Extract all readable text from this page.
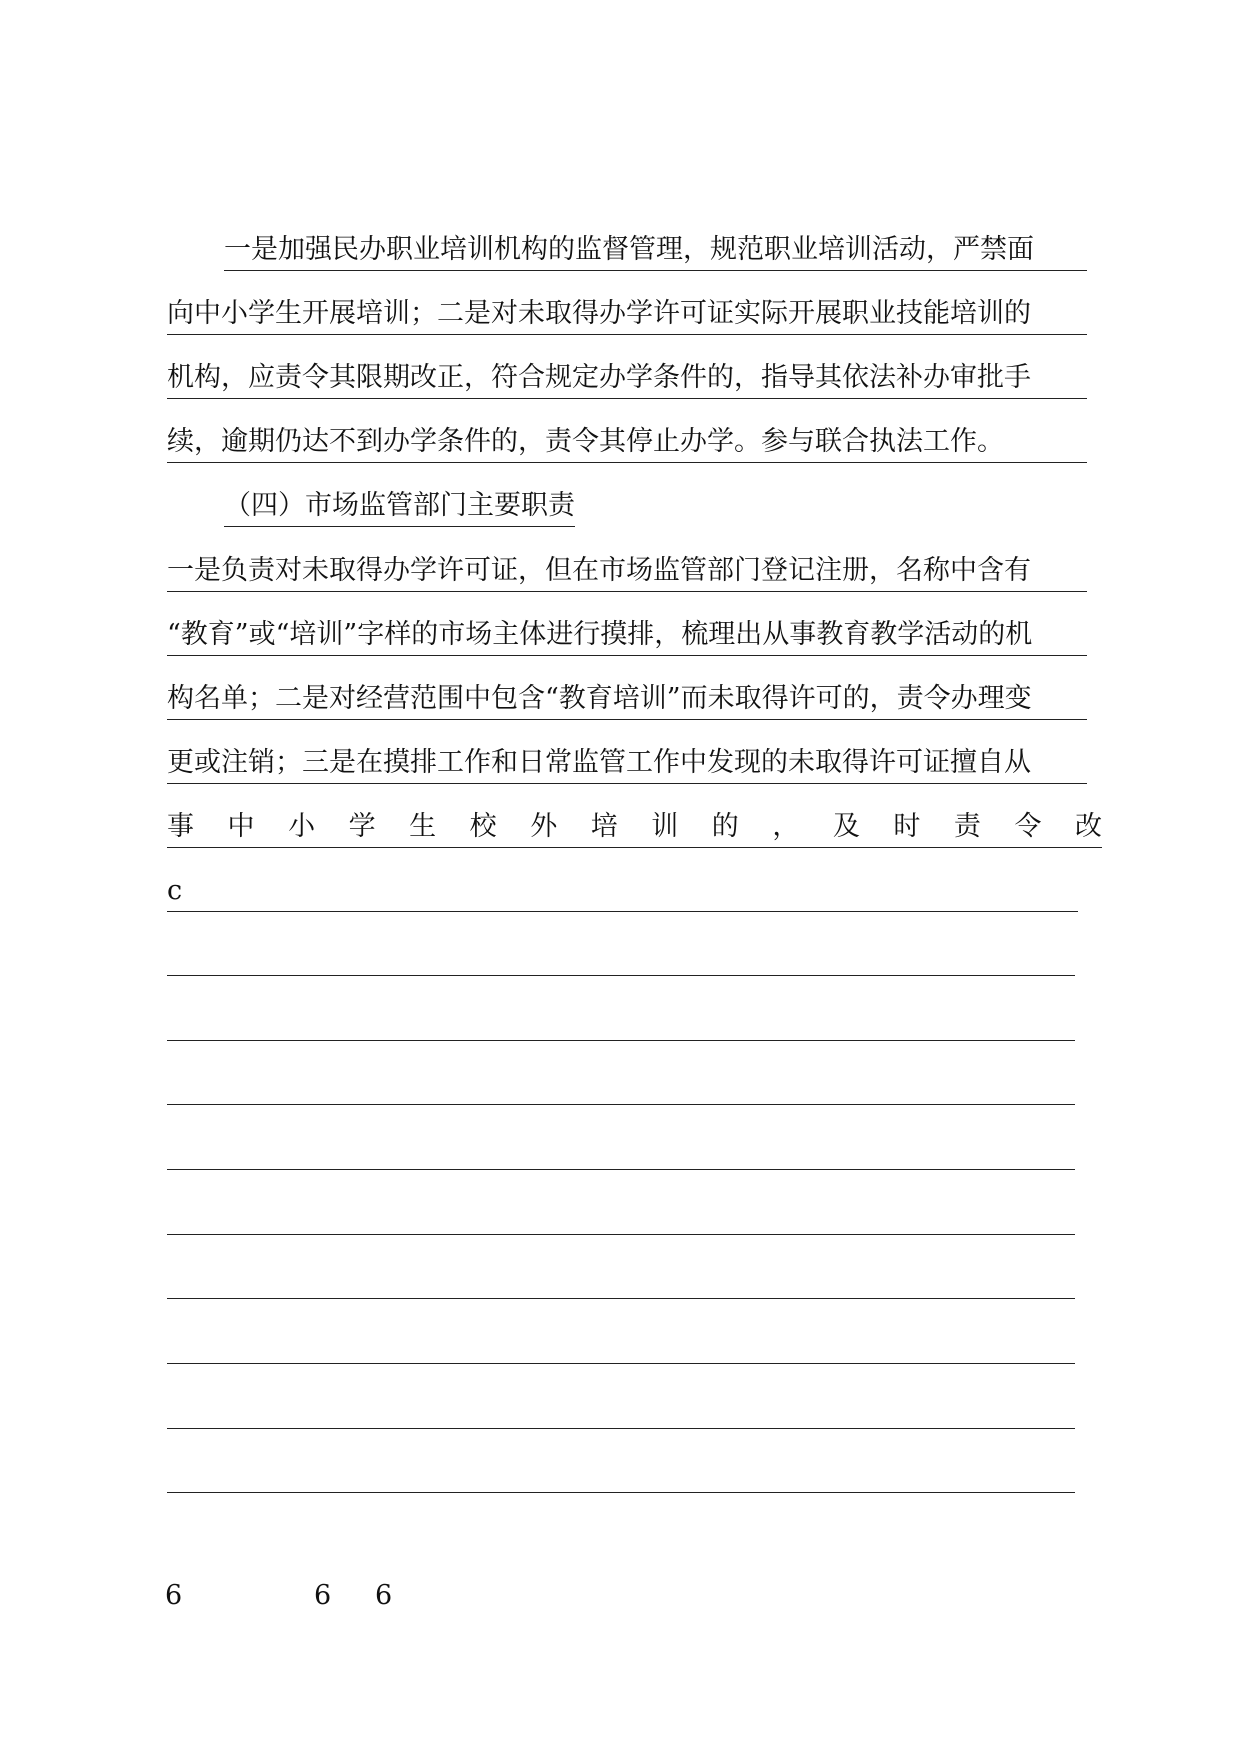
一是加强民办职业培训机构的监督管理，规范职业培训活动，严禁面
向中小学生开展培训；二是对未取得办学许可证实际开展职业技能培训的
机构，应责令其限期改正，符合规定办学条件的，指导其依法补办审批手
续，逾期仍达不到办学条件的，责令其停止办学。参与联合执法工作。
（四）市场监管部门主要职责
一是负责对未取得办学许可证，但在市场监管部门登记注册，名称中含有
“教育”或“培训”字样的市场主体进行摸排，梳理出从事教育教学活动的机
构名单；二是对经营范围中包含“教育培训”而未取得许可的，责令办理变
更或注销；三是在摸排工作和日常监管工作中发现的未取得许可证擅自从
事 中 小 学 生 校 外 培 训 的 ， 及 时 责 令 改
c
6	6 6
